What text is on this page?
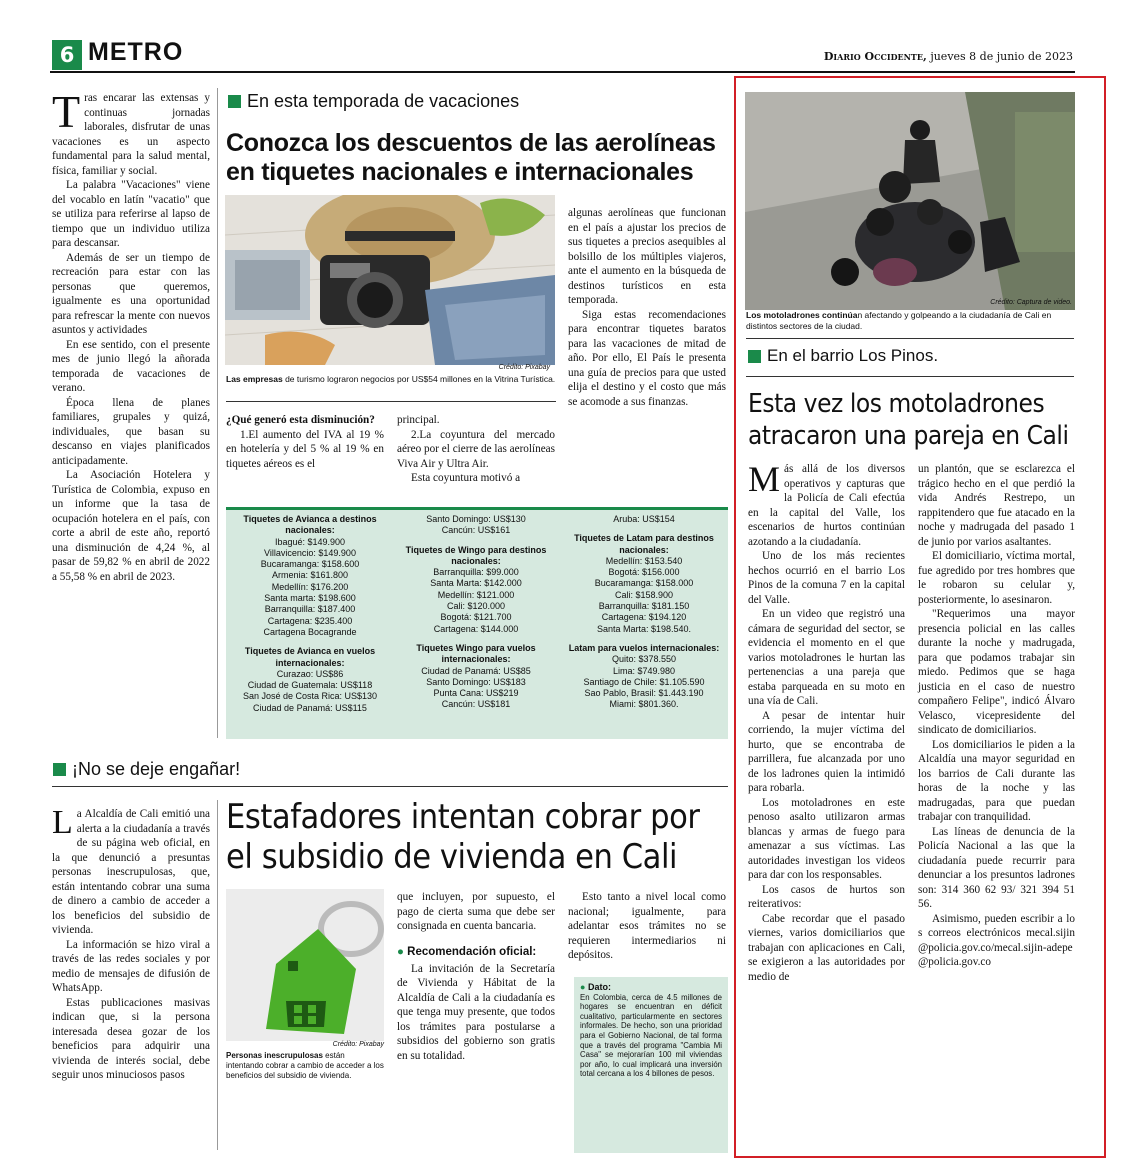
6 METRO	Diario Occidente, jueves 8 de junio de 2023

Tras encarar las extensas y continuas jornadas laborales, disfrutar de unas vacaciones es un aspecto fundamental para la salud mental, física, familiar y social.

La palabra "Vacaciones" viene del vocablo en latín "vacatio" que se utiliza para referirse al lapso de tiempo que un individuo utiliza para descansar.

Además de ser un tiempo de recreación para estar con las personas que queremos, igualmente es una oportunidad para refrescar la mente con nuevos asuntos y actividades

En ese sentido, con el presente mes de junio llegó la añorada temporada de vacaciones de verano.

Época llena de planes familiares, grupales y quizá, individuales, que basan su descanso en viajes planificados anticipadamente.

La Asociación Hotelera y Turística de Colombia, expuso en un informe que la tasa de ocupación hotelera en el país, con corte a abril de este año, reportó una disminución de 4,24 %, al pasar de 59,82 % en abril de 2022 a 55,58 % en abril de 2023.

En esta temporada de vacaciones
Conozca los descuentos de las aerolíneas en tiquetes nacionales e internacionales
Crédito: Pixabay
Las empresas de turismo lograron negocios por US$54 millones en la Vitrina Turística.

¿Qué generó esta disminución?

1.El aumento del IVA al 19 % en hotelería y del 5 % al 19 % en tiquetes aéreos es el

principal.

2.La coyuntura del mercado aéreo por el cierre de las aerolíneas Viva Air y Ultra Air.

Esta coyuntura motivó a

algunas aerolíneas que funcionan en el país a ajustar los precios de sus tiquetes a precios asequibles al bolsillo de los múltiples viajeros, ante el aumento en la búsqueda de destinos turísticos en esta temporada.

Siga estas recomendaciones para encontrar tiquetes baratos para las vacaciones de mitad de año. Por ello, El País le presenta una guía de precios para que usted elija el destino y el costo que más se acomode a sus finanzas.

Tiquetes de Avianca a destinos nacionales:
Ibagué: $149.900
Villavicencio: $149.900
Bucaramanga: $158.600
Armenia: $161.800
Medellín: $176.200
Santa marta: $198.600
Barranquilla: $187.400
Cartagena: $235.400
Cartagena Bocagrande
Tiquetes de Avianca en vuelos internacionales:
Curazao: US$86
Ciudad de Guatemala: US$118
San José de Costa Rica: US$130
Ciudad de Panamá: US$115
Santo Domingo: US$130
Cancún: US$161
Tiquetes de Wingo para destinos nacionales:
Barranquilla: $99.000
Santa Marta: $142.000
Medellín: $121.000
Cali: $120.000
Bogotá: $121.700
Cartagena: $144.000
Tiquetes Wingo para vuelos internacionales:
Ciudad de Panamá: US$85
Santo Domingo: US$183
Punta Cana: US$219
Cancún: US$181
Aruba: US$154
Tiquetes de Latam para destinos nacionales:
Medellín: $153.540
Bogotá: $156.000
Bucaramanga: $158.000
Cali: $158.900
Barranquilla: $181.150
Cartagena: $194.120
Santa Marta: $198.540.
Latam para vuelos internacionales:
Quito: $378.550
Lima: $749.980
Santiago de Chile: $1.105.590
Sao Pablo, Brasil: $1.443.190
Miami: $801.360.
¡No se deje engañar!

La Alcaldía de Cali emitió una alerta a la ciudadanía a través de su página web oficial, en la que denunció a presuntas personas inescrupulosas, que, están intentando cobrar una suma de dinero a cambio de acceder a los beneficios del subsidio de vivienda.

La información se hizo viral a través de las redes sociales y por medio de mensajes de difusión de WhatsApp.

Estas publicaciones masivas indican que, si la persona interesada desea gozar de los beneficios para adquirir una vivienda de interés social, debe seguir unos minuciosos pasos

Estafadores intentan cobrar por el subsidio de vivienda en Cali
Crédito: Pixabay
Personas inescrupulosas están intentando cobrar a cambio de acceder a los beneficios del subsidio de vivienda.

que incluyen, por supuesto, el pago de cierta suma que debe ser consignada en cuenta bancaria.

● Recomendación oficial:

La invitación de la Secretaría de Vivienda y Hábitat de la Alcaldía de Cali a la ciudadanía es que tenga muy presente, que todos los trámites para postularse a subsidios del gobierno son gratis en su totalidad.

Esto tanto a nivel local como nacional; igualmente, para adelantar esos trámites no se requieren intermediarios ni depósitos.

● Dato:
En Colombia, cerca de 4.5 millones de hogares se encuentran en déficit cualitativo, particularmente en sectores informales. De hecho, son una prioridad para el Gobierno Nacional, de tal forma que a través del programa "Cambia Mi Casa" se mejorarían 100 mil viviendas por año, lo cual implicará una inversión total cercana a los 4 billones de pesos.
Crédito: Captura de video.
Los motoladrones continúan afectando y golpeando a la ciudadanía de Cali en distintos sectores de la ciudad.
En el barrio Los Pinos.
Esta vez los motoladrones atracaron una pareja en Cali

Más allá de los diversos operativos y capturas que la Policía de Cali efectúa en la capital del Valle, los escenarios de hurtos continúan azotando a la ciudadanía.

Uno de los más recientes hechos ocurrió en el barrio Los Pinos de la comuna 7 en la capital del Valle.

En un video que registró una cámara de seguridad del sector, se evidencia el momento en el que varios motoladrones le hurtan las pertenencias a una pareja que estaba parqueada en su moto en una vía de Cali.

A pesar de intentar huir corriendo, la mujer víctima del hurto, que se encontraba de parrillera, fue alcanzada por uno de los ladrones quien la intimidó para robarla.

Los motoladrones en este penoso asalto utilizaron armas blancas y armas de fuego para amenazar a sus víctimas. Las autoridades investigan los videos para dar con los responsables.

Los casos de hurtos son reiterativos:

Cabe recordar que el pasado viernes, varios domiciliarios que trabajan con aplicaciones en Cali, se exigieron a las autoridades por medio de

un plantón, que se esclarezca el trágico hecho en el que perdió la vida Andrés Restrepo, un rappitendero que fue atacado en la noche y madrugada del pasado 1 de junio por varios asaltantes.

El domiciliario, víctima mortal, fue agredido por tres hombres que le robaron su celular y, posteriormente, lo asesinaron.

"Requerimos una mayor presencia policial en las calles durante la noche y madrugada, para que podamos trabajar sin miedo. Pedimos que se haga justicia en el caso de nuestro compañero Felipe", indicó Álvaro Velasco, vicepresidente del sindicato de domiciliarios.

Los domiciliarios le piden a la Alcaldía una mayor seguridad en los barrios de Cali durante las horas de la noche y las madrugadas, para que puedan trabajar con tranquilidad.

Las líneas de denuncia de la Policía Nacional a las que la ciudadanía puede recurrir para denunciar a los presuntos ladrones son: 314 360 62 93/ 321 394 51 56.

Asimismo, pueden escribir a los correos electrónicos mecal.sijin@policia.gov.co/mecal.sijin-adepe@policia.gov.co
